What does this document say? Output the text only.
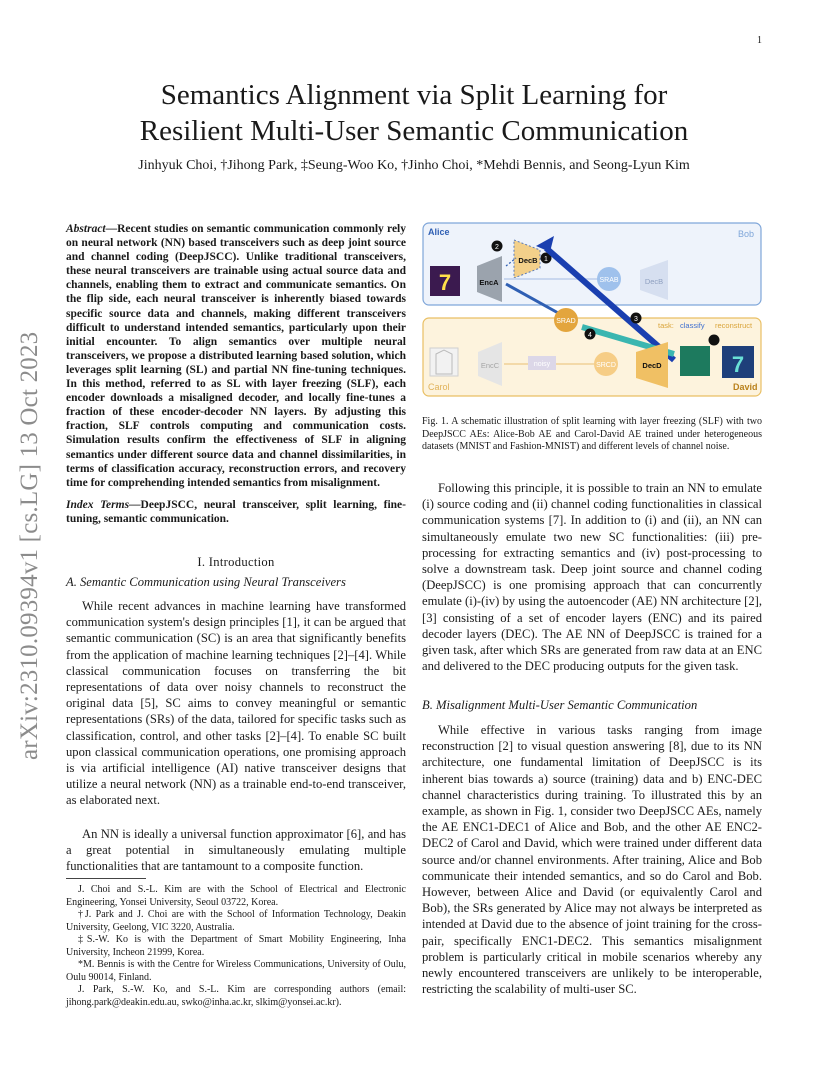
1
arXiv:2310.09394v1 [cs.LG] 13 Oct 2023
Semantics Alignment via Split Learning for
Resilient Multi-User Semantic Communication
Jinhyuk Choi, †Jihong Park, ‡Seung-Woo Ko, †Jinho Choi, *Mehdi Bennis, and Seong-Lyun Kim
Abstract—Recent studies on semantic communication commonly rely on neural network (NN) based transceivers such as deep joint source and channel coding (DeepJSCC). Unlike traditional transceivers, these neural transceivers are trainable using actual source data and channels, enabling them to extract and communicate semantics. On the flip side, each neural transceiver is inherently biased towards specific source data and channels, making different transceivers difficult to understand intended semantics, particularly upon their initial encounter. To align semantics over multiple neural transceivers, we propose a distributed learning based solution, which leverages split learning (SL) and partial NN fine-tuning techniques. In this method, referred to as SL with layer freezing (SLF), each encoder downloads a misaligned decoder, and locally fine-tunes a fraction of these encoder-decoder NN layers. By adjusting this fraction, SLF controls computing and communication costs. Simulation results confirm the effectiveness of SLF in aligning semantics under different source data and channel dissimilarities, in terms of classification accuracy, reconstruction errors, and recovery time for comprehending intended semantics from misalignment.
Index Terms—DeepJSCC, neural transceiver, split learning, fine-tuning, semantic communication.
I. Introduction
A. Semantic Communication using Neural Transceivers

While recent advances in machine learning have transformed communication system's design principles [1], it can be argued that semantic communication (SC) is an area that significantly benefits from the application of machine learning techniques [2]–[4]. While classical communication focuses on transferring the bit representations of data over noisy channels to reconstruct the original data [5], SC aims to convey meaningful or semantic representations (SRs) of the data, tailored for specific tasks such as classification, control, and other tasks [2]–[4]. To enable SC built upon classical communication operations, one promising approach is via artificial intelligence (AI) native transceiver designs that utilize a neural network (NN) as a trainable end-to-end transceiver, as elaborated next.

An NN is ideally a universal function approximator [6], and has a great potential in simultaneously emulating multiple functionalities that are tantamount to a composite function.

J. Choi and S.-L. Kim are with the School of Electrical and Electronic Engineering, Yonsei University, Seoul 03722, Korea.

†J. Park and J. Choi are with the School of Information Technology, Deakin University, Geelong, VIC 3220, Australia.

‡S.-W. Ko is with the Department of Smart Mobility Engineering, Inha University, Incheon 21999, Korea.

*M. Bennis is with the Centre for Wireless Communications, University of Oulu, Oulu 90014, Finland.

J. Park, S.-W. Ko, and S.-L. Kim are corresponding authors (email: jihong.park@deakin.edu.au, swko@inha.ac.kr, slkim@yonsei.ac.kr).

Alice	Bob
Carol	David
7	EncA
DecB
2
1
SRAB	DecB
SRAD
4
3
task: classify reconstruct
EncC	noisy	SRCD	DecD	7
Fig. 1. A schematic illustration of split learning with layer freezing (SLF) with two DeepJSCC AEs: Alice-Bob AE and Carol-David AE trained under heterogeneous datasets (MNIST and Fashion-MNIST) and different levels of channel noise.

Following this principle, it is possible to train an NN to emulate (i) source coding and (ii) channel coding functionalities in classical communication systems [7]. In addition to (i) and (ii), an NN can simultaneously emulate two new SC functionalities: (iii) pre-processing for extracting semantics and (iv) post-processing to solve a downstream task. Deep joint source and channel coding (DeepJSCC) is one promising approach that can concurrently emulate (i)-(iv) by using the autoencoder (AE) NN architecture [2], [3] consisting of a set of encoder layers (ENC) and its paired decoder layers (DEC). The AE NN of DeepJSCC is trained for a given task, after which SRs are generated from raw data at an ENC and delivered to the DEC producing outputs for the given task.

B. Misalignment Multi-User Semantic Communication

While effective in various tasks ranging from image reconstruction [2] to visual question answering [8], due to its NN architecture, one fundamental limitation of DeepJSCC is its inherent bias towards a) source (training) data and b) ENC-DEC channel characteristics during training. To illustrated this by an example, as shown in Fig. 1, consider two DeepJSCC AEs, namely the AE ENC1-DEC1 of Alice and Bob, and the other AE ENC2-DEC2 of Carol and David, which were trained under different data source and/or channel environments. After training, Alice and Bob communicate their intended semantics, and so do Carol and Bob. However, between Alice and David (or equivalently Carol and Bob), the SRs generated by Alice may not always be interpreted as intended at David due to the absence of joint training for the cross-pair, specifically ENC1-DEC2. This semantics misalignment problem is particularly critical in mobile scenarios whereby any newly encountered transceivers are unlikely to be interoperable, restricting the scalability of multi-user SC.
